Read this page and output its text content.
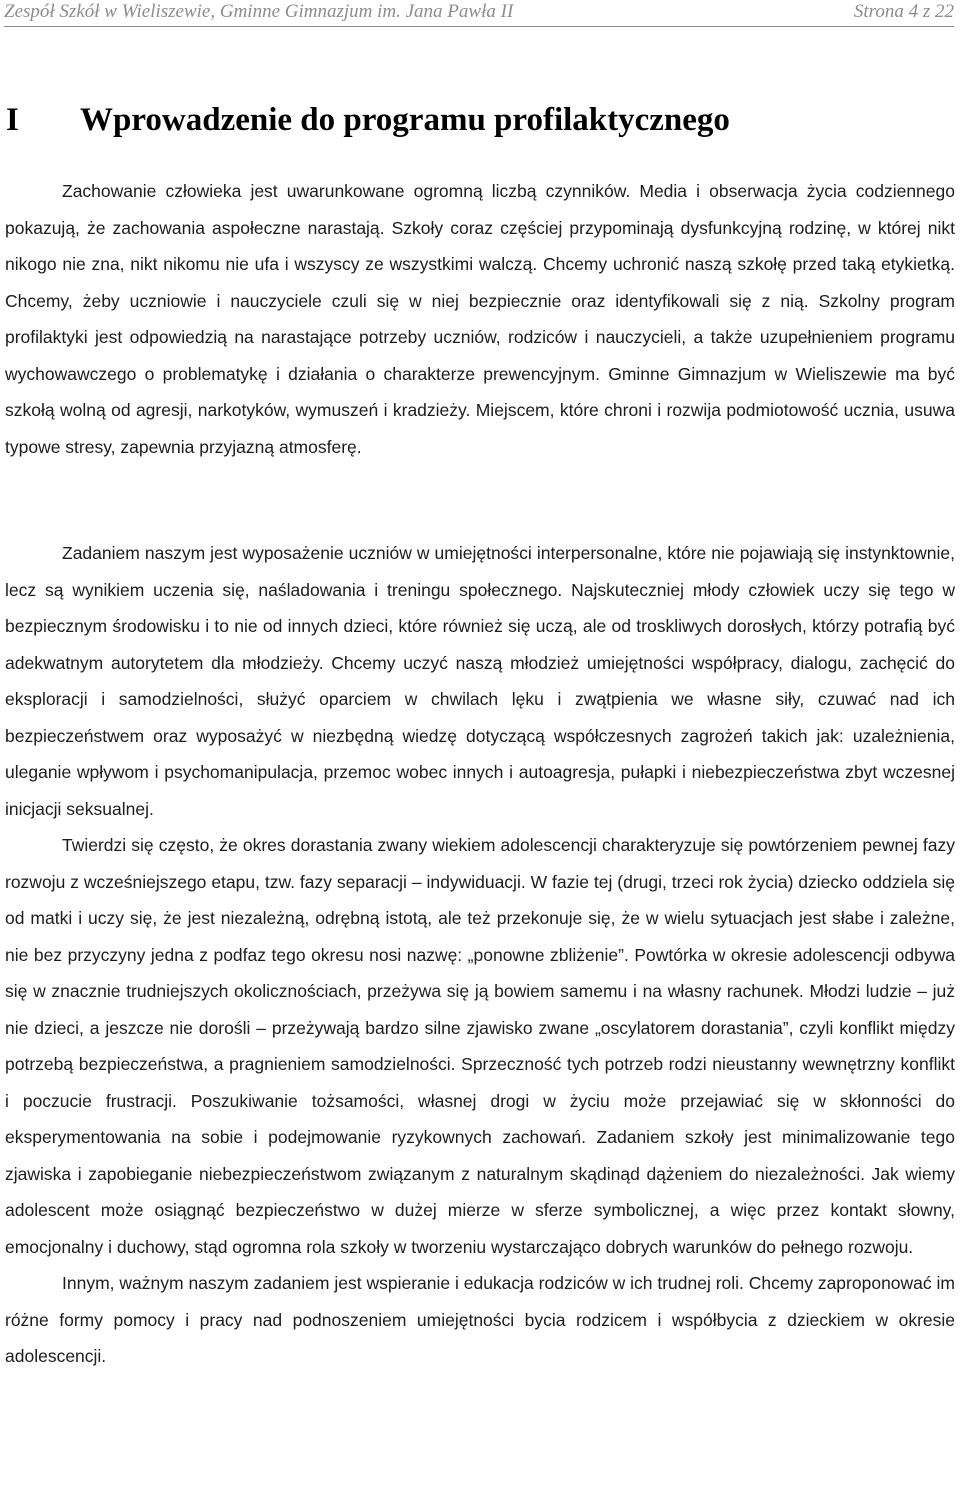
Zespół Szkół w Wieliszewie, Gminne Gimnazjum im. Jana Pawła II	Strona 4 z 22
I Wprowadzenie do programu profilaktycznego

Zachowanie człowieka jest uwarunkowane ogromną liczbą czynników. Media i obserwacja życia codziennego pokazują, że zachowania aspołeczne narastają. Szkoły coraz częściej przypominają dysfunkcyjną rodzinę, w której nikt nikogo nie zna, nikt nikomu nie ufa i wszyscy ze wszystkimi walczą. Chcemy uchronić naszą szkołę przed taką etykietką. Chcemy, żeby uczniowie i nauczyciele czuli się w niej bezpiecznie oraz identyfikowali się z nią. Szkolny program profilaktyki jest odpowiedzią na narastające potrzeby uczniów, rodziców i nauczycieli, a także uzupełnieniem programu wychowawczego o problematykę i działania o charakterze prewencyjnym. Gminne Gimnazjum w Wieliszewie ma być szkołą wolną od agresji, narkotyków, wymuszeń i kradzieży. Miejscem, które chroni i rozwija podmiotowość ucznia, usuwa typowe stresy, zapewnia przyjazną atmosferę.

Zadaniem naszym jest wyposażenie uczniów w umiejętności interpersonalne, które nie pojawiają się instynktownie, lecz są wynikiem uczenia się, naśladowania i treningu społecznego. Najskuteczniej młody człowiek uczy się tego w bezpiecznym środowisku i to nie od innych dzieci, które również się uczą, ale od troskliwych dorosłych, którzy potrafią być adekwatnym autorytetem dla młodzieży. Chcemy uczyć naszą młodzież umiejętności współpracy, dialogu, zachęcić do eksploracji i samodzielności, służyć oparciem w chwilach lęku i zwątpienia we własne siły, czuwać nad ich bezpieczeństwem oraz wyposażyć w niezbędną wiedzę dotyczącą współczesnych zagrożeń takich jak: uzależnienia, uleganie wpływom i psychomanipulacja, przemoc wobec innych i autoagresja, pułapki i niebezpieczeństwa zbyt wczesnej inicjacji seksualnej.

Twierdzi się często, że okres dorastania zwany wiekiem adolescencji charakteryzuje się powtórzeniem pewnej fazy rozwoju z wcześniejszego etapu, tzw. fazy separacji – indywiduacji. W fazie tej (drugi, trzeci rok życia) dziecko oddziela się od matki i uczy się, że jest niezależną, odrębną istotą, ale też przekonuje się, że w wielu sytuacjach jest słabe i zależne, nie bez przyczyny jedna z podfaz tego okresu nosi nazwę: „ponowne zbliżenie”. Powtórka w okresie adolescencji odbywa się w znacznie trudniejszych okolicznościach, przeżywa się ją bowiem samemu i na własny rachunek. Młodzi ludzie – już nie dzieci, a jeszcze nie dorośli – przeżywają bardzo silne zjawisko zwane „oscylatorem dorastania”, czyli konflikt między potrzebą bezpieczeństwa, a pragnieniem samodzielności. Sprzeczność tych potrzeb rodzi nieustanny wewnętrzny konflikt i poczucie frustracji. Poszukiwanie tożsamości, własnej drogi w życiu może przejawiać się w skłonności do eksperymentowania na sobie i podejmowanie ryzykownych zachowań. Zadaniem szkoły jest minimalizowanie tego zjawiska i zapobieganie niebezpieczeństwom związanym z naturalnym skądinąd dążeniem do niezależności. Jak wiemy adolescent może osiągnąć bezpieczeństwo w dużej mierze w sferze symbolicznej, a więc przez kontakt słowny, emocjonalny i duchowy, stąd ogromna rola szkoły w tworzeniu wystarczająco dobrych warunków do pełnego rozwoju.

Innym, ważnym naszym zadaniem jest wspieranie i edukacja rodziców w ich trudnej roli. Chcemy zaproponować im różne formy pomocy i pracy nad podnoszeniem umiejętności bycia rodzicem i współbycia z dzieckiem w okresie adolescencji.
